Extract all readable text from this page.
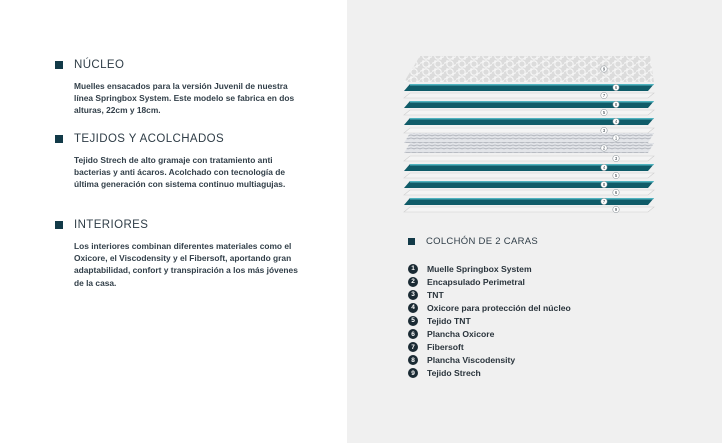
NÚCLEO

Muelles ensacados para la versión Juvenil de nuestra
línea Springbox System. Este modelo se fabrica en dos
alturas, 22cm y 18cm.

TEJIDOS Y ACOLCHADOS

Tejido Strech de alto gramaje con tratamiento anti
bacterias y anti ácaros. Acolchado con tecnología de
última generación con sistema continuo multiagujas.

INTERIORES

Los interiores combinan diferentes materiales como el
Oxicore, el Viscodensity y el Fibersoft, aportando gran
adaptabilidad, confort y transpiración a los más jóvenes
de la casa.

9
6
7
8
5
4
3
1
2
3
4
5
8
6
7
9
COLCHÓN DE 2 CARAS
1	Muelle Springbox System
2	Encapsulado Perimetral
3	TNT
4	Oxicore para protección del núcleo
5	Tejido TNT
6	Plancha Oxicore
7	Fibersoft
8	Plancha Viscodensity
9	Tejido Strech
